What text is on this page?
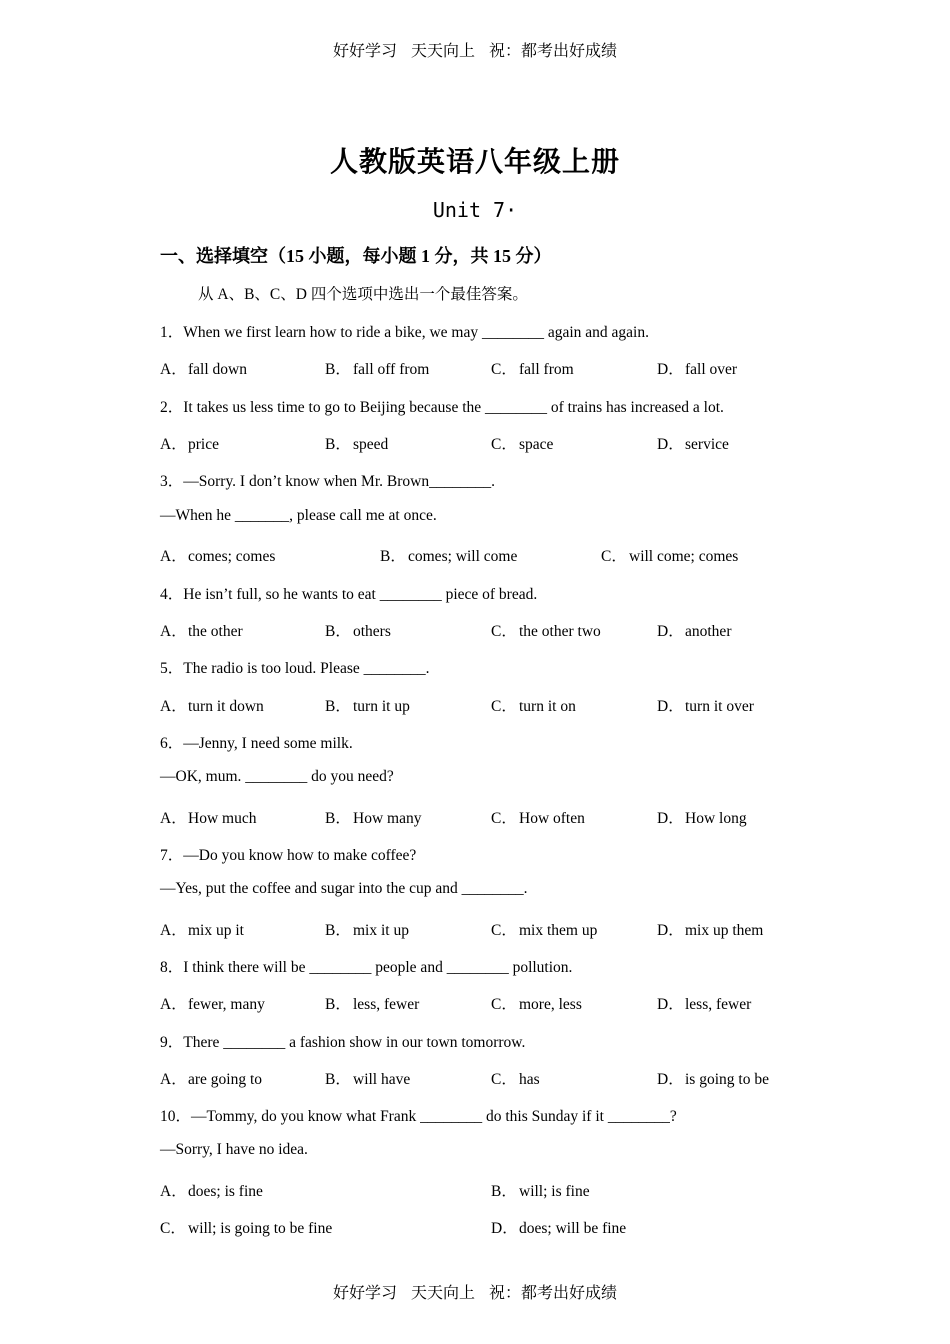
好好学习 天天向上 祝：都考出好成绩
人教版英语八年级上册
Unit 7·
一、选择填空（15 小题，每小题 1 分，共 15 分）
从 A、B、C、D 四个选项中选出一个最佳答案。
1．When we first learn how to ride a bike, we may ________ again and again.
A．fall down	B． fall off from	C． fall from	D．fall over
2．It takes us less time to go to Beijing because the ________ of trains has increased a lot.
A．price	B． speed	C． space	D．service
3．—Sorry. I don’t know when Mr. Brown________.
—When he _______, please call me at once.
A．comes; comes	B． comes; will come	C． will come; comes
4．He isn’t full, so he wants to eat ________ piece of bread.
A．the other	B． others	C． the other two	D．another
5．The radio is too loud. Please ________.
A．turn it down	B． turn it up	C． turn it on	D．turn it over
6．—Jenny, I need some milk.
—OK, mum. ________ do you need?
A．How much	B． How many	C． How often	D．How long
7．—Do you know how to make coffee?
—Yes, put the coffee and sugar into the cup and ________.
A．mix up it	B． mix it up	C． mix them up	D．mix up them
8．I think there will be ________ people and ________ pollution.
A．fewer, many	B． less, fewer	C． more, less	D．less, fewer
9．There ________ a fashion show in our town tomorrow.
A．are going to	B． will have	C． has	D．is going to be
10．—Tommy, do you know what Frank ________ do this Sunday if it ________?
—Sorry, I have no idea.
A．does; is fine	B． will; is fine
C． will; is going to be fine	D．does; will be fine
好好学习 天天向上 祝：都考出好成绩
